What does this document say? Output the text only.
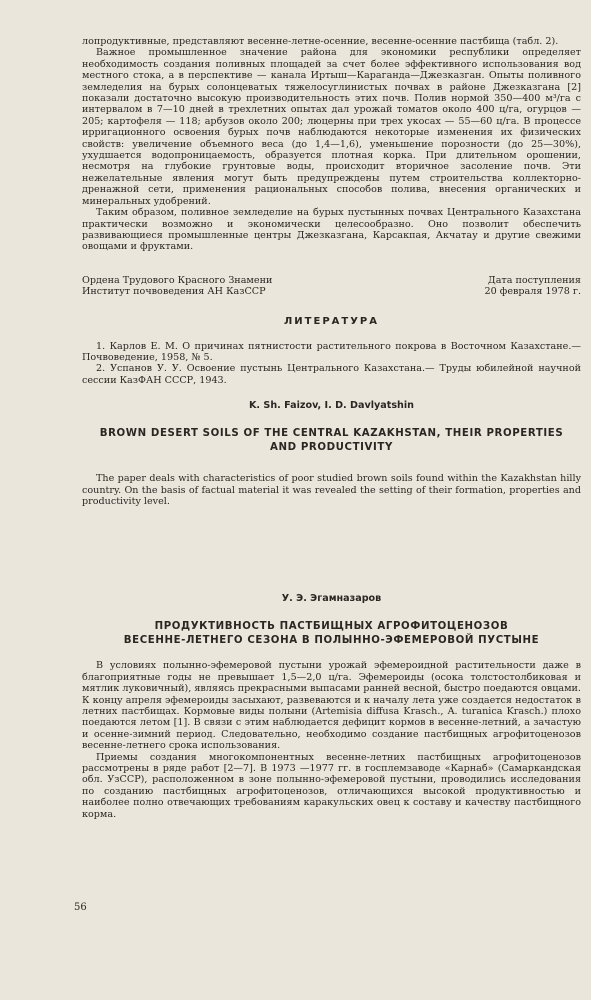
лопродуктивные, представляют весенне-летне-осенние, весенне-осенние пастбища (табл. 2).

Важное промышленное значение района для экономики республики определяет необходимость создания поливных площадей за счет более эффективного использования вод местного стока, а в перспективе — канала Иртыш—Караганда—Джезказган. Опыты поливного земледелия на бурых солонцеватых тяжелосуглинистых почвах в районе Джезказгана [2] показали достаточно высокую производительность этих почв. Полив нормой 350—400 м³/га с интервалом в 7—10 дней в трехлетних опытах дал урожай томатов около 400 ц/га, огурцов — 205; картофеля — 118; арбузов около 200; люцерны при трех укосах — 55—60 ц/га. В процессе ирригационного освоения бурых почв наблюдаются некоторые изменения их физических свойств: увеличение объемного веса (до 1,4—1,6), уменьшение порозности (до 25—30%), ухудшается водопроницаемость, образуется плотная корка. При длительном орошении, несмотря на глубокие грунтовые воды, происходит вторичное засоление почв. Эти нежелательные явления могут быть предупреждены путем строительства коллекторно-дренажной сети, применения рациональных способов полива, внесения органических и минеральных удобрений.

Таким образом, поливное земледелие на бурых пустынных почвах Центрального Казахстана практически возможно и экономически целесообразно. Оно позволит обеспечить развивающиеся промышленные центры Джезказгана, Карсакпая, Акчатау и другие свежими овощами и фруктами.

Ордена Трудового Красного Знамени
Институт почвоведения АН КазССР
Дата поступления
20 февраля 1978 г.
ЛИТЕРАТУРА

1. Карлов Е. М. О причинах пятнистости растительного покрова в Восточном Казахстане.— Почвоведение, 1958, № 5.

2. Успанов У. У. Освоение пустынь Центрального Казахстана.— Труды юбилейной научной сессии КазФАН СССР, 1943.

K. Sh. Faizov, I. D. Davlyatshin
BROWN DESERT SOILS OF THE CENTRAL KAZAKHSTAN, THEIR PROPERTIES
AND PRODUCTIVITY

The paper deals with characteristics of poor studied brown soils found within the Kazakhstan hilly country. On the basis of factual material it was revealed the setting of their formation, properties and productivity level.

У. Э. Эгамназаров
ПРОДУКТИВНОСТЬ ПАСТБИЩНЫХ АГРОФИТОЦЕНОЗОВ
ВЕСЕННЕ-ЛЕТНЕГО СЕЗОНА В ПОЛЫННО-ЭФЕМЕРОВОЙ ПУСТЫНЕ

В условиях полынно-эфемеровой пустыни урожай эфемероидной растительности даже в благоприятные годы не превышает 1,5—2,0 ц/га. Эфемероиды (осока толстостолбиковая и мятлик луковичный), являясь прекрасными выпасами ранней весной, быстро поедаются овцами. К концу апреля эфемероиды засыхают, развеваются и к началу лета уже создается недостаток в летних пастбищах. Кормовые виды полыни (Artemisia diffusa Krasch., A. turanica Krasch.) плохо поедаются летом [1]. В связи с этим наблюдается дефицит кормов в весенне-летний, а зачастую и осенне-зимний период. Следовательно, необходимо создание пастбищных агрофитоценозов весенне-летнего срока использования.

Приемы создания многокомпонентных весенне-летних пастбищных агрофитоценозов рассмотрены в ряде работ [2—7]. В 1973 —1977 гг. в госплемзаводе «Карнаб» (Самаркандская обл. УзССР), расположенном в зоне полынно-эфемеровой пустыни, проводились исследования по созданию пастбищных агрофитоценозов, отличающихся высокой продуктивностью и наиболее полно отвечающих требованиям каракульских овец к составу и качеству пастбищного корма.

56
